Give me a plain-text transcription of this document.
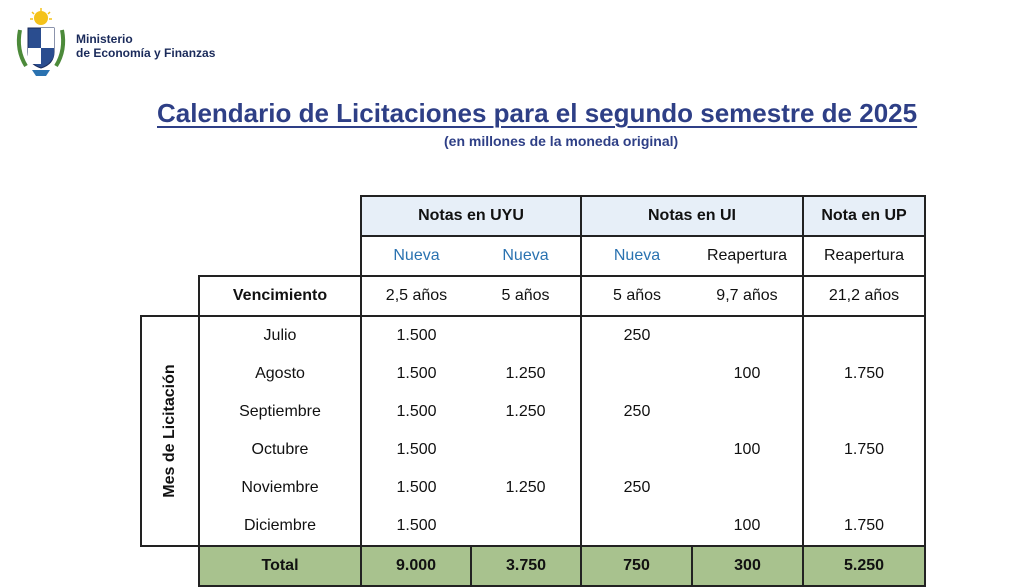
Ministerio
de Economía y Finanzas
Calendario de Licitaciones para el segundo semestre de 2025
(en millones de la moneda original)
		Notas en UYU		Notas en UI		Nota en UP
		Nueva	Nueva	Nueva	Reapertura	Reapertura
	Vencimiento	2,5 años	5 años	5 años	9,7 años	21,2 años

Mes de Licitación	Julio	1.500		250		
	Agosto	1.500	1.250		100	1.750
	Septiembre	1.500	1.250	250		
	Octubre	1.500			100	1.750
	Noviembre	1.500	1.250	250		
	Diciembre	1.500			100	1.750
	Total	9.000	3.750	750	300	5.250
